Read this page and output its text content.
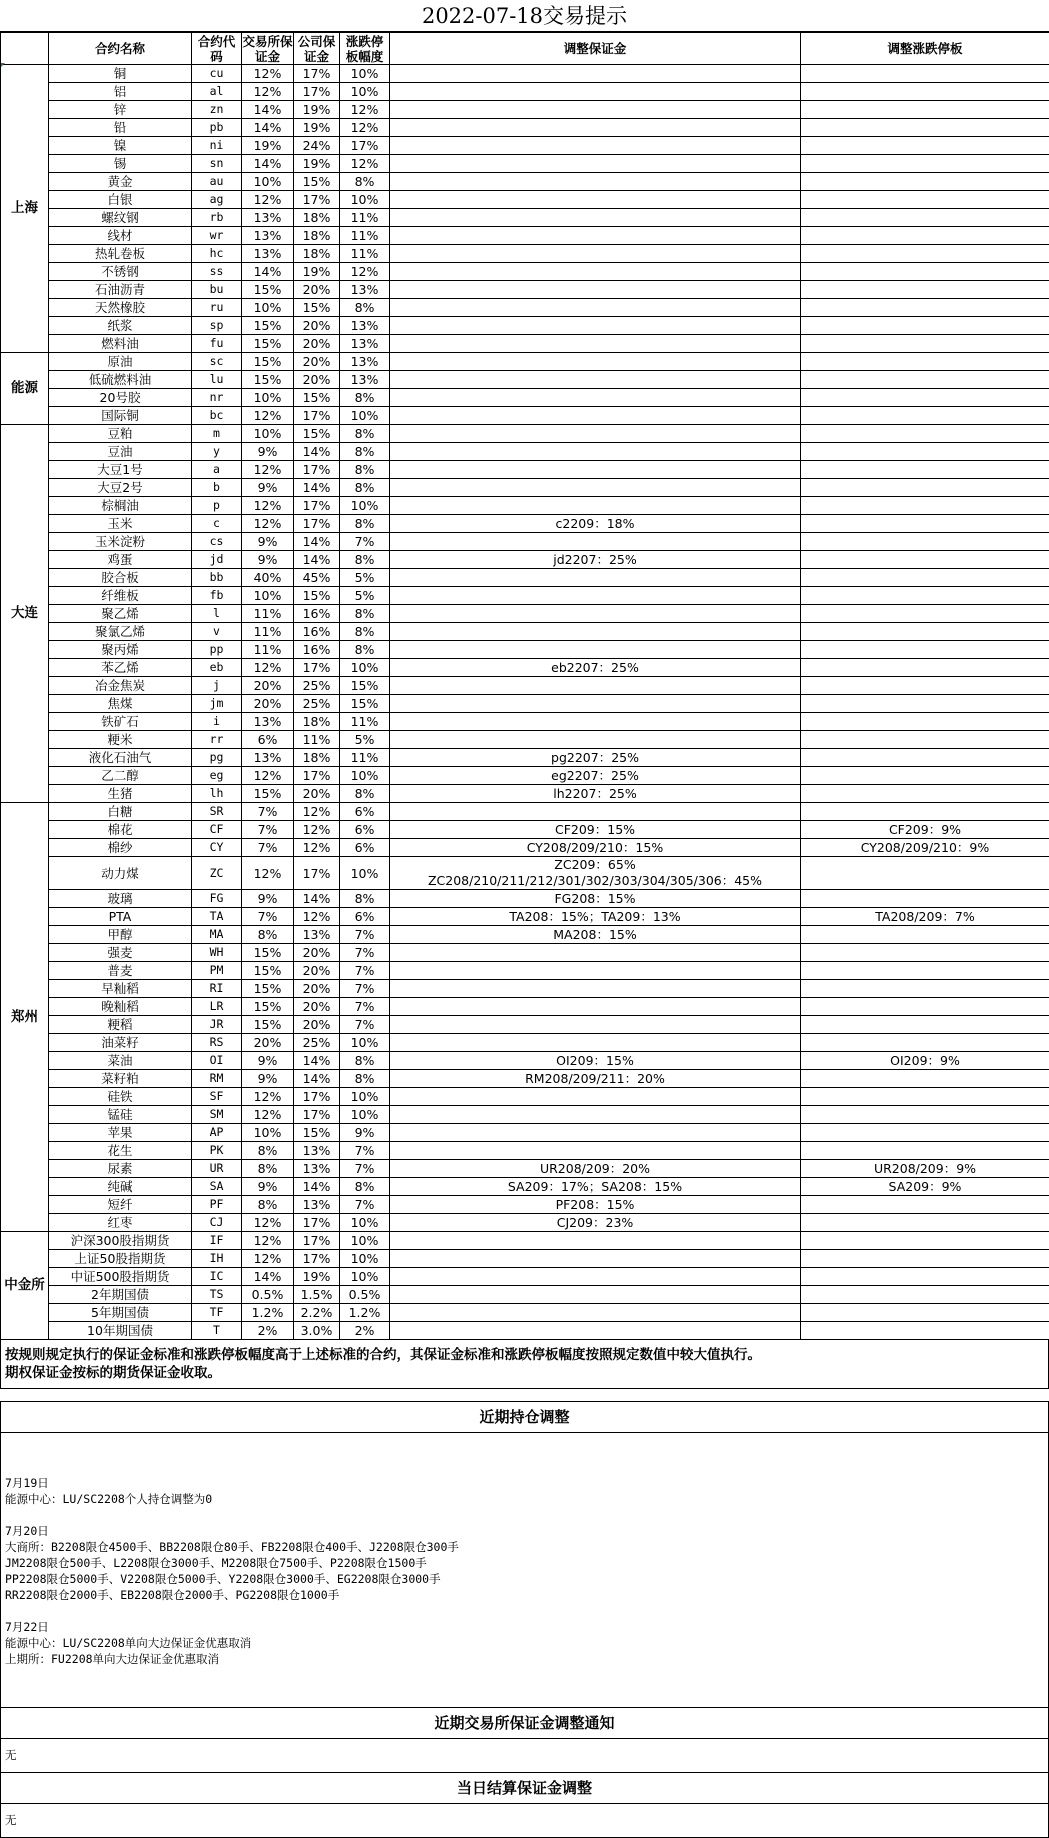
2022-07-18交易提示
	合约名称	合约代码	交易所保证金	公司保证金	涨跌停板幅度	调整保证金	调整涨跌停板
上海	铜	cu	12%	17%	10%		
	铝	al	12%	17%	10%		
	锌	zn	14%	19%	12%		
	铅	pb	14%	19%	12%		
	镍	ni	19%	24%	17%		
	锡	sn	14%	19%	12%		
	黄金	au	10%	15%	8%		
	白银	ag	12%	17%	10%		
	螺纹钢	rb	13%	18%	11%		
	线材	wr	13%	18%	11%		
	热轧卷板	hc	13%	18%	11%		
	不锈钢	ss	14%	19%	12%		
	石油沥青	bu	15%	20%	13%		
	天然橡胶	ru	10%	15%	8%		
	纸浆	sp	15%	20%	13%		
	燃料油	fu	15%	20%	13%		
能源	原油	sc	15%	20%	13%		
	低硫燃料油	lu	15%	20%	13%		
	20号胶	nr	10%	15%	8%		
	国际铜	bc	12%	17%	10%		
大连	豆粕	m	10%	15%	8%		
	豆油	y	9%	14%	8%		
	大豆1号	a	12%	17%	8%		
	大豆2号	b	9%	14%	8%		
	棕榈油	p	12%	17%	10%		
	玉米	c	12%	17%	8%	c2209：18%	
	玉米淀粉	cs	9%	14%	7%		
	鸡蛋	jd	9%	14%	8%	jd2207：25%	
	胶合板	bb	40%	45%	5%		
	纤维板	fb	10%	15%	5%		
	聚乙烯	l	11%	16%	8%		
	聚氯乙烯	v	11%	16%	8%		
	聚丙烯	pp	11%	16%	8%		
	苯乙烯	eb	12%	17%	10%	eb2207：25%	
	冶金焦炭	j	20%	25%	15%		
	焦煤	jm	20%	25%	15%		
	铁矿石	i	13%	18%	11%		
	粳米	rr	6%	11%	5%		
	液化石油气	pg	13%	18%	11%	pg2207：25%	
	乙二醇	eg	12%	17%	10%	eg2207：25%	
	生猪	lh	15%	20%	8%	lh2207：25%	
郑州	白糖	SR	7%	12%	6%		
	棉花	CF	7%	12%	6%	CF209：15%	CF209：9%
	棉纱	CY	7%	12%	6%	CY208/209/210：15%	CY208/209/210：9%
	动力煤	ZC	12%	17%	10%	ZC209：65%
ZC208/210/211/212/301/302/303/304/305/306：45%	

	玻璃	FG	9%	14%	8%	FG208：15%	
	PTA	TA	7%	12%	6%	TA208：15%；TA209：13%	TA208/209：7%
	甲醇	MA	8%	13%	7%	MA208：15%	
	强麦	WH	15%	20%	7%		
	普麦	PM	15%	20%	7%		
	早籼稻	RI	15%	20%	7%		
	晚籼稻	LR	15%	20%	7%		
	粳稻	JR	15%	20%	7%		
	油菜籽	RS	20%	25%	10%		
	菜油	OI	9%	14%	8%	OI209：15%	OI209：9%
	菜籽粕	RM	9%	14%	8%	RM208/209/211：20%	
	硅铁	SF	12%	17%	10%		
	锰硅	SM	12%	17%	10%		
	苹果	AP	10%	15%	9%		
	花生	PK	8%	13%	7%		
	尿素	UR	8%	13%	7%	UR208/209：20%	UR208/209：9%
	纯碱	SA	9%	14%	8%	SA209：17%；SA208：15%	SA209：9%
	短纤	PF	8%	13%	7%	PF208：15%	
	红枣	CJ	12%	17%	10%	CJ209：23%	
中金所	沪深300股指期货	IF	12%	17%	10%		
	上证50股指期货	IH	12%	17%	10%		
	中证500股指期货	IC	14%	19%	10%		
	2年期国债	TS	0.5%	1.5%	0.5%		
	5年期国债	TF	1.2%	2.2%	1.2%		
	10年期国债	T	2%	3.0%	2%		
按规则规定执行的保证金标准和涨跌停板幅度高于上述标准的合约，其保证金标准和涨跌停板幅度按照规定数值中较大值执行。
期权保证金按标的期货保证金收取。
近期持仓调整
7月19日
能源中心：LU/SC2208个人持仓调整为0
7月20日
大商所：B2208限仓4500手、BB2208限仓80手、FB2208限仓400手、J2208限仓300手
JM2208限仓500手、L2208限仓3000手、M2208限仓7500手、P2208限仓1500手
PP2208限仓5000手、V2208限仓5000手、Y2208限仓3000手、EG2208限仓3000手
RR2208限仓2000手、EB2208限仓2000手、PG2208限仓1000手
7月22日
能源中心：LU/SC2208单向大边保证金优惠取消
上期所：FU2208单向大边保证金优惠取消
近期交易所保证金调整通知
无
当日结算保证金调整
无
